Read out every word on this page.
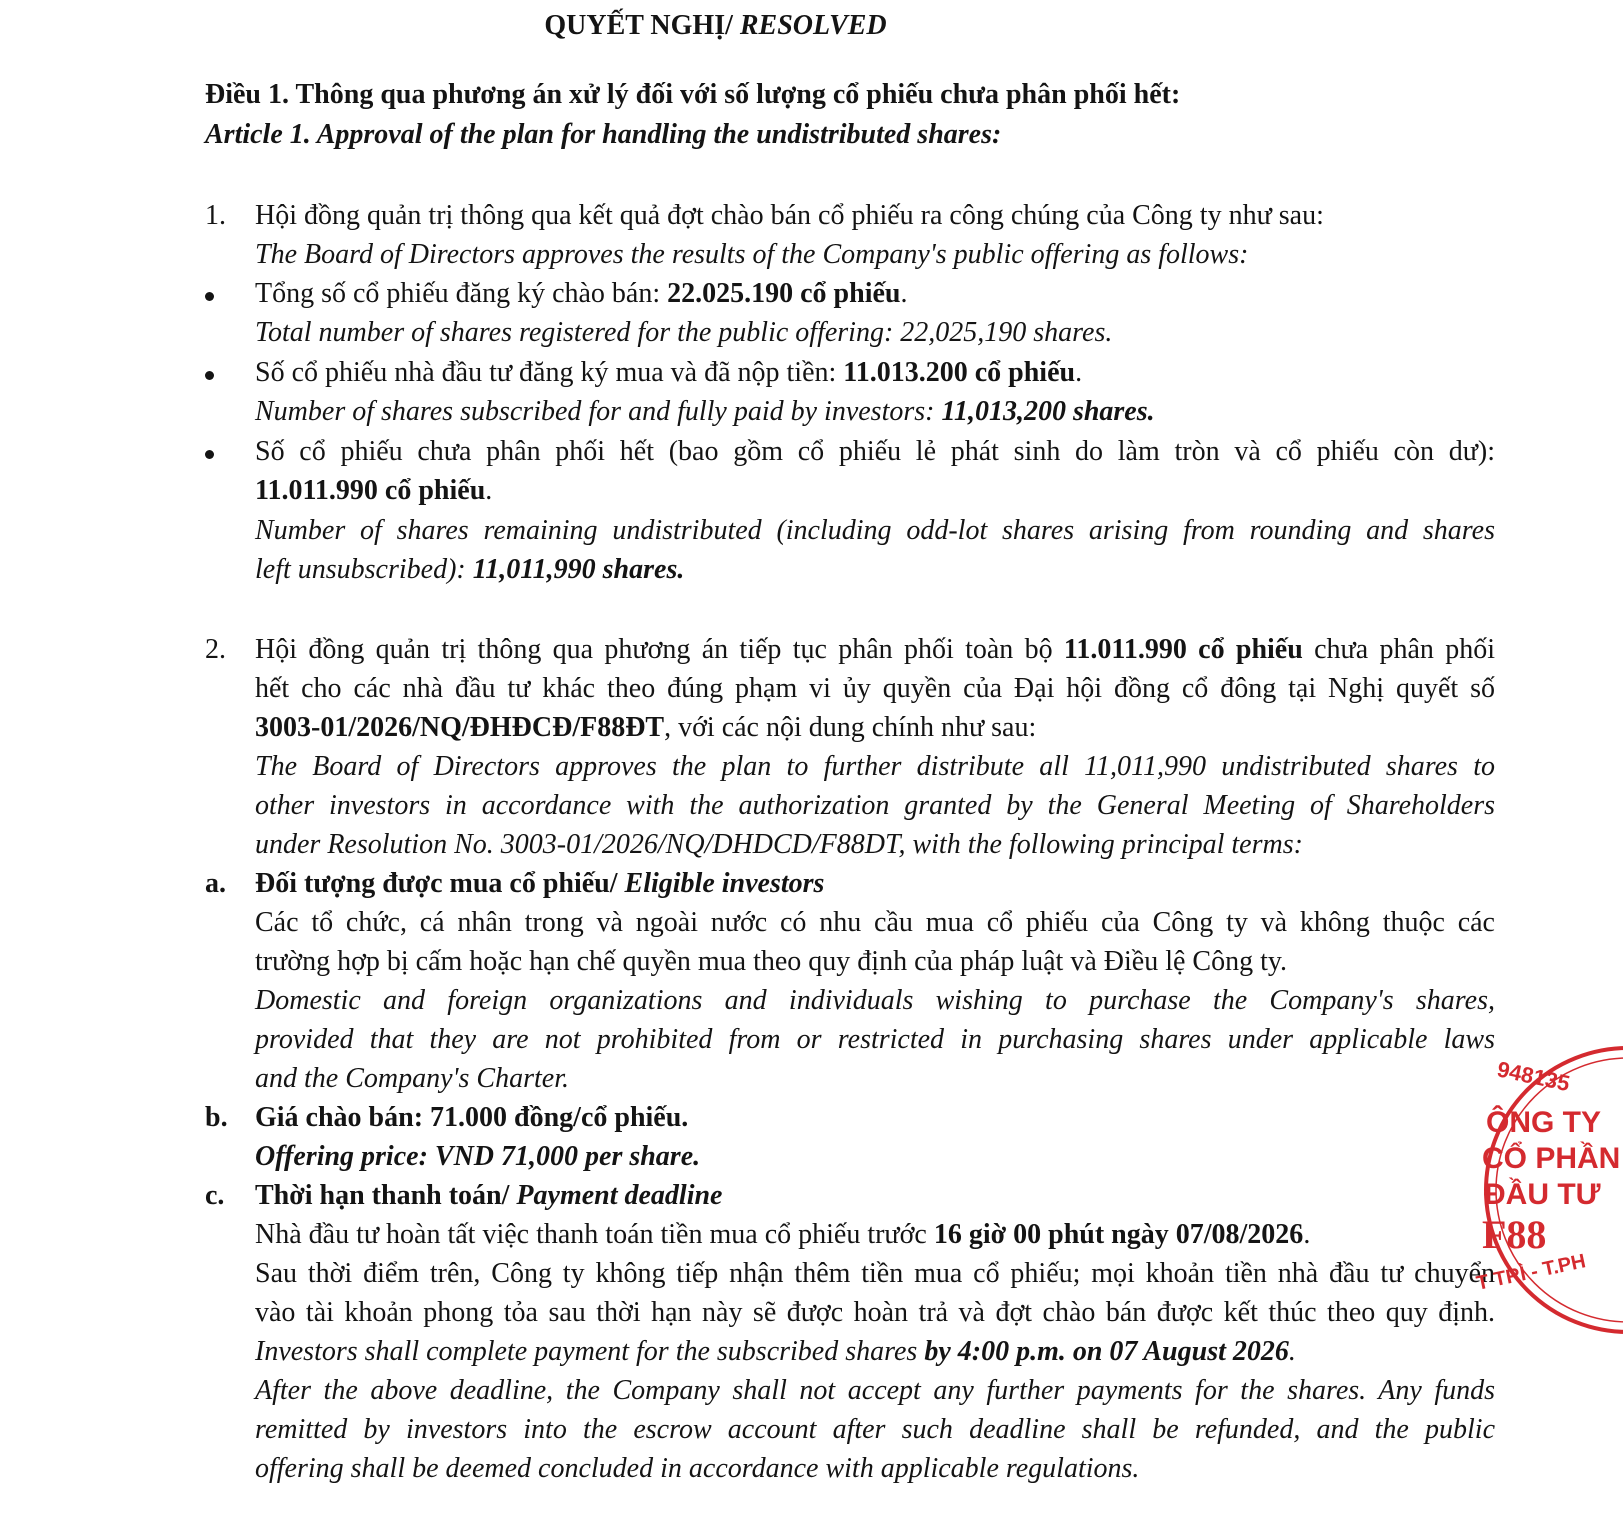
QUYẾT NGHỊ/ RESOLVED
Điều 1. Thông qua phương án xử lý đối với số lượng cổ phiếu chưa phân phối hết:
Article 1. Approval of the plan for handling the undistributed shares:
1. Hội đồng quản trị thông qua kết quả đợt chào bán cổ phiếu ra công chúng của Công ty như sau:
The Board of Directors approves the results of the Company's public offering as follows:
Tổng số cổ phiếu đăng ký chào bán: 22.025.190 cổ phiếu.
Total number of shares registered for the public offering: 22,025,190 shares.
Số cổ phiếu nhà đầu tư đăng ký mua và đã nộp tiền: 11.013.200 cổ phiếu.
Number of shares subscribed for and fully paid by investors: 11,013,200 shares.
Số cổ phiếu chưa phân phối hết (bao gồm cổ phiếu lẻ phát sinh do làm tròn và cổ phiếu còn dư):
11.011.990 cổ phiếu.
Number of shares remaining undistributed (including odd-lot shares arising from rounding and shares
left unsubscribed): 11,011,990 shares.
2. Hội đồng quản trị thông qua phương án tiếp tục phân phối toàn bộ 11.011.990 cổ phiếu chưa phân phối
hết cho các nhà đầu tư khác theo đúng phạm vi ủy quyền của Đại hội đồng cổ đông tại Nghị quyết số
3003-01/2026/NQ/ĐHĐCĐ/F88ĐT, với các nội dung chính như sau:
The Board of Directors approves the plan to further distribute all 11,011,990 undistributed shares to
other investors in accordance with the authorization granted by the General Meeting of Shareholders
under Resolution No. 3003-01/2026/NQ/DHDCD/F88DT, with the following principal terms:
a. Đối tượng được mua cổ phiếu/ Eligible investors
Các tổ chức, cá nhân trong và ngoài nước có nhu cầu mua cổ phiếu của Công ty và không thuộc các
trường hợp bị cấm hoặc hạn chế quyền mua theo quy định của pháp luật và Điều lệ Công ty.
Domestic and foreign organizations and individuals wishing to purchase the Company's shares,
provided that they are not prohibited from or restricted in purchasing shares under applicable laws
and the Company's Charter.
b. Giá chào bán: 71.000 đồng/cổ phiếu.
Offering price: VND 71,000 per share.
c. Thời hạn thanh toán/ Payment deadline
Nhà đầu tư hoàn tất việc thanh toán tiền mua cổ phiếu trước 16 giờ 00 phút ngày 07/08/2026.
Sau thời điểm trên, Công ty không tiếp nhận thêm tiền mua cổ phiếu; mọi khoản tiền nhà đầu tư chuyển
vào tài khoản phong tỏa sau thời hạn này sẽ được hoàn trả và đợt chào bán được kết thúc theo quy định.
Investors shall complete payment for the subscribed shares by 4:00 p.m. on 07 August 2026.
After the above deadline, the Company shall not accept any further payments for the shares. Any funds
remitted by investors into the escrow account after such deadline shall be refunded, and the public
offering shall be deemed concluded in accordance with applicable regulations.
948135
ÔNG TY
CỔ PHẦN
ĐẦU TƯ
F88
T TRÌ - T.PH
